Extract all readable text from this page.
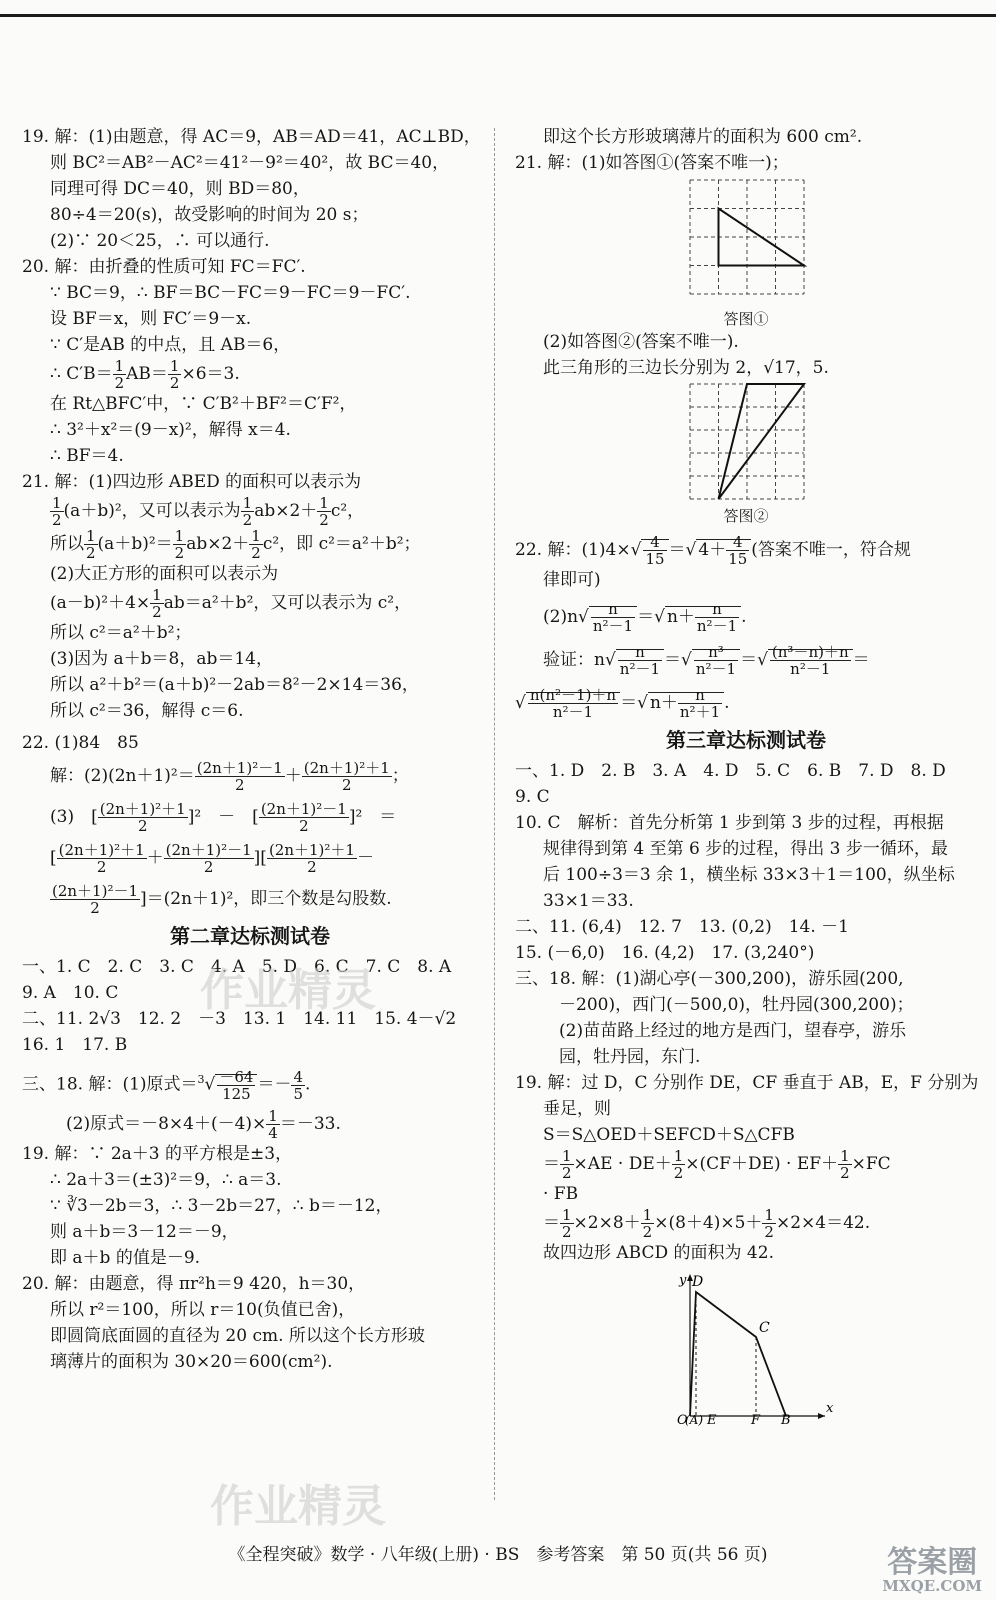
19. 解：(1)由题意，得 AC＝9，AB＝AD＝41，AC⊥BD，

则 BC²＝AB²－AC²＝41²－9²＝40²，故 BC＝40，

同理可得 DC＝40，则 BD＝80，

80÷4＝20(s)，故受影响的时间为 20 s；

(2)∵ 20＜25，∴ 可以通行.

20. 解：由折叠的性质可知 FC＝FC′.

∵ BC＝9，∴ BF＝BC－FC＝9－FC＝9－FC′.

设 BF＝x，则 FC′＝9－x.

∵ C′是AB 的中点，且 AB＝6，

∴ $C'B= \frac{1}{2} AB= \frac{1}{2} \times 6=3$.

在 Rt△BFC′中，∵ C′B²＋BF²＝C′F²，

∴ 3²＋x²＝(9－x)²，解得 x＝4.

∴ BF＝4.

21. 解：(1)四边形 ABED 的面积可以表示为

$\frac{1}{2} (a+b)^2$，又可以表示为 $\frac{1}{2} ab\times 2+ \frac{1}{2} c^2$，

所以 $\frac{1}{2} (a+b)^2= \frac{1}{2} ab\times 2+ \frac{1}{2} c^2$，即 c²＝a²＋b²；

(2)大正方形的面积可以表示为

$(a-b)^2+4\times \frac{1}{2} ab=a^2+b^2$，又可以表示为 c²，

所以 c²＝a²＋b²；

(3)因为 a＋b＝8，ab＝14，

所以 a²＋b²＝(a＋b)²－2ab＝8²－2×14＝36，

所以 c²＝36，解得 c＝6.

22. (1)84　85

解：$(2)(2n+1)^2= \frac{\text{(2n＋1)²－1}}{2} + \frac{\text{(2n＋1)²＋1}}{2}$ ；

(3)　[ $\frac{\text{(2n＋1)²＋1}}{2} ]^2$　－　[ $\frac{\text{(2n＋1)²－1}}{2} ]^2$　＝

[ $\frac{\text{(2n＋1)²＋1}}{2} + \frac{\text{(2n＋1)²－1}}{2}$ ][ $\frac{\text{(2n＋1)²＋1}}{2}$ －

$\frac{\text{(2n＋1)²－1}}{2} ]=(2n+1)^2$，即三个数是勾股数.

第二章达标测试卷

一、1. C　2. C　3. C　4. A　5. D　6. C　7. C　8. A

9. A　10. C

二、11. 2√3　12. 2　－3　13. 1　14. 11　15. 4－√2

16. 1　17. B

三、18. 解：(1)原式$=^3√ \frac{-64}{125} =- \frac{4}{5}$ .

(2)原式$=-8\times 4+(-4)\times \frac{1}{4} =-33$.

19. 解：∵ 2a＋3 的平方根是±3，

∴ 2a＋3＝(±3)²＝9，∴ a＝3.

∵ ∛3－2b＝3，∴ 3－2b＝27，∴ b＝－12，

则 a＋b＝3－12＝－9，

即 a＋b 的值是－9.

20. 解：由题意，得 πr²h＝9 420，h＝30，

所以 r²＝100，所以 r＝10(负值已舍)，

即圆筒底面圆的直径为 20 cm. 所以这个长方形玻

璃薄片的面积为 30×20＝600(cm²).

即这个长方形玻璃薄片的面积为 600 cm².

21. 解：(1)如答图①(答案不唯一)；

答图①

(2)如答图②(答案不唯一).

此三角形的三边长分别为 2，√17，5.

答图②

22. 解：$(1)4\times√ \frac{4}{15}$ ＝√ $4+ \frac{4}{15}$ (答案不唯一，符合规

律即可)

$(2)n√ \frac{n}{\text{n²－1}}$ ＝√ $n+ \frac{n}{\text{n²－1}}$ .

验证：$n√ \frac{n}{\text{n²－1}}$ ＝√ $\frac{\text{n³}}{\text{n²－1}}$ ＝√ $\frac{\text{(n³－n)＋n}}{\text{n²－1}}$ ＝

√ $\frac{\text{n(n²－1)＋n}}{\text{n²－1}}$ ＝√ $n+ \frac{n}{\text{n²＋1}}$ .

第三章达标测试卷

一、1. D　2. B　3. A　4. D　5. C　6. B　7. D　8. D

9. C

10. C　解析：首先分析第 1 步到第 3 步的过程，再根据

规律得到第 4 至第 6 步的过程，得出 3 步一循环，最

后 100÷3＝3 余 1，横坐标 33×3＋1＝100，纵坐标

33×1＝33.

二、11. (6,4)　12. 7　13. (0,2)　14. －1

15. (－6,0)　16. (4,2)　17. (3,240°)

三、18. 解：(1)湖心亭(－300,200)，游乐园(200,

－200)，西门(－500,0)，牡丹园(300,200)；

(2)苗苗路上经过的地方是西门，望春亭，游乐

园，牡丹园，东门.

19. 解：过 D，C 分别作 DE，CF 垂直于 AB，E，F 分别为

垂足，则

S＝S△OED＋SEFCD＋S△CFB

＝ $\frac{1}{2} \times AE \cdot DE+ \frac{1}{2} \times(CF+DE) \cdot EF+ \frac{1}{2} \times FC$

· FB

＝ $\frac{1}{2} \times 2\times 8+ \frac{1}{2} \times(8+4)\times 5+ \frac{1}{2} \times 2\times 4=42$.

故四边形 ABCD 的面积为 42.

y
x
D
C
O
(A) E	F B
作业精灵
作业精灵
《全程突破》数学 · 八年级(上册) · BS　参考答案　第 50 页(共 56 页)	答案圈
MXQE.COM
